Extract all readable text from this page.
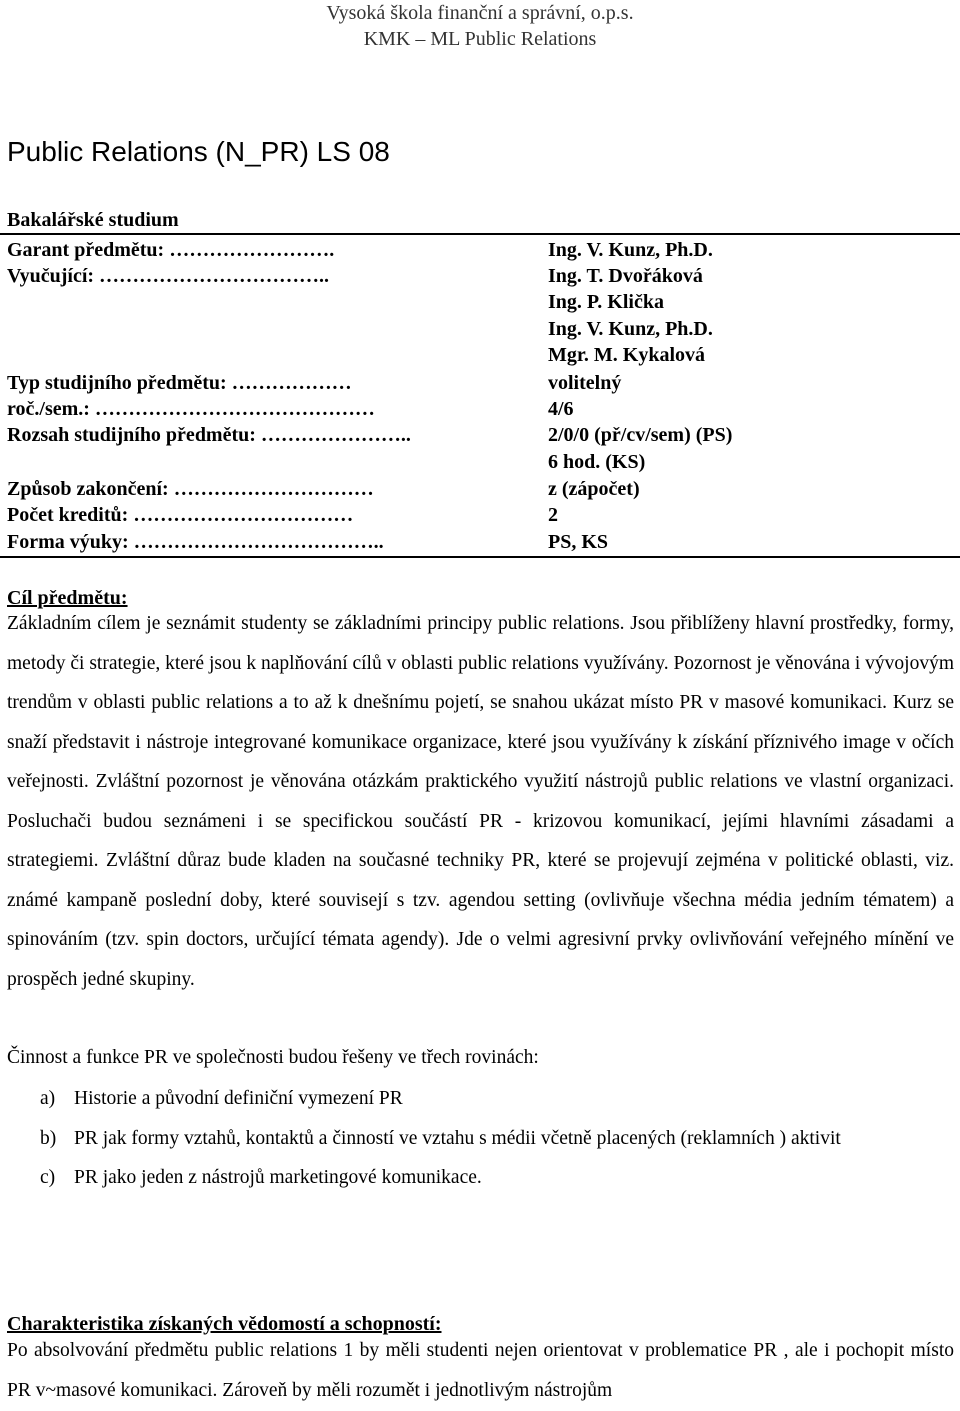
Vysoká škola finanční a správní, o.p.s.
KMK – ML Public Relations
Public Relations (N_PR) LS 08
Bakalářské studium
Garant předmětu: …………………….	Ing. V. Kunz, Ph.D.
Vyučující: ……………………………..	Ing. T. Dvořáková
Ing. P. Klička
Ing. V. Kunz, Ph.D.
Mgr. M. Kykalová
Typ studijního předmětu: ………………	volitelný
roč./sem.: ……………………………………	4/6
Rozsah studijního předmětu: …………………..	2/0/0 (př/cv/sem) (PS)
6 hod. (KS)
Způsob zakončení: …………………………	z (zápočet)
Počet kreditů: ……………………………	2
Forma výuky: ………………………………..	PS, KS
Cíl předmětu:
Základním cílem je seznámit studenty se základními principy public relations. Jsou přiblíženy hlavní prostředky, formy, metody či strategie, které jsou k naplňování cílů v oblasti public relations využívány. Pozornost je věnována i vývojovým trendům v oblasti public relations a to až k dnešnímu pojetí, se snahou ukázat místo PR v masové komunikaci. Kurz se snaží představit i nástroje integrované komunikace organizace, které jsou využívány k získání příznivého image v očích veřejnosti. Zvláštní pozornost je věnována otázkám praktického využití nástrojů public relations ve vlastní organizaci. Posluchači budou seznámeni i se specifickou součástí PR - krizovou komunikací, jejími hlavními zásadami a strategiemi. Zvláštní důraz bude kladen na současné techniky PR, které se projevují zejména v politické oblasti, viz. známé kampaně poslední doby, které souvisejí s tzv. agendou setting (ovlivňuje všechna média jedním tématem) a spinováním (tzv. spin doctors, určující témata agendy). Jde o velmi agresivní prvky ovlivňování veřejného mínění ve prospěch jedné skupiny.
Činnost a funkce PR ve společnosti budou řešeny ve třech rovinách:
a) Historie a původní definiční vymezení PR
b) PR jak formy vztahů, kontaktů a činností ve vztahu s médii včetně placených (reklamních ) aktivit
c) PR jako jeden z nástrojů marketingové komunikace.
Charakteristika získaných vědomostí a schopností:
Po absolvování předmětu public relations 1 by měli studenti nejen orientovat v problematice PR , ale i pochopit místo PR v~masové komunikaci. Zároveň by měli rozumět i jednotlivým nástrojům
